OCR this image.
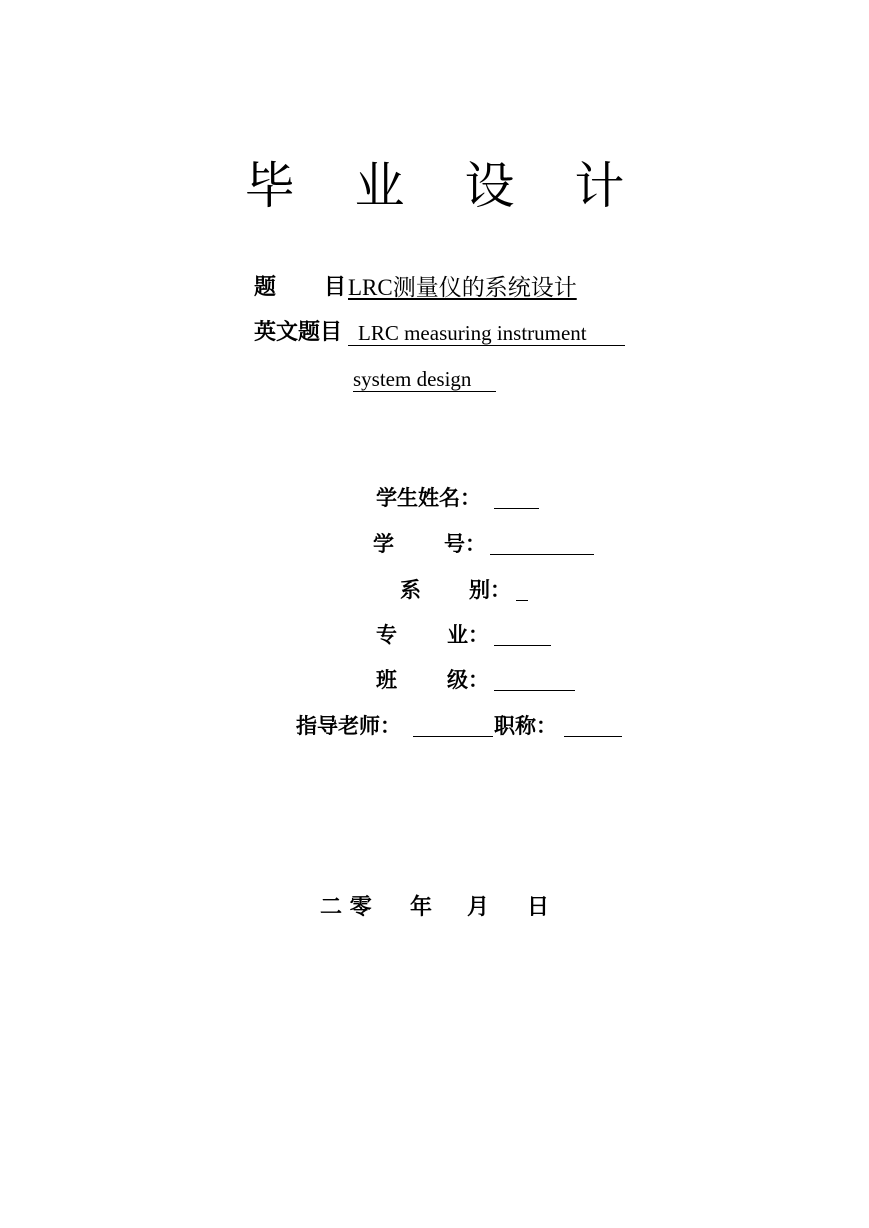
毕 业 设 计
题 目 LRC测量仪的系统设计
英文题目 LRC measuring instrument
system design
学生姓名：
学 号：
系 别：
专 业：
班 级：
指导老师：	职称：
二 零 年 月 日
